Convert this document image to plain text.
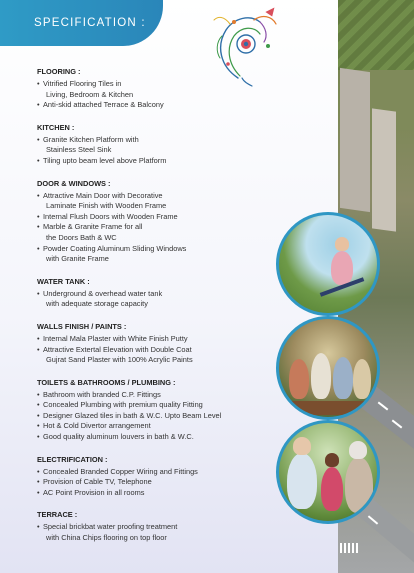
SPECIFICATION :
FLOORING :
• Vitrified Flooring Tiles in
Living, Bedroom & Kitchen
• Anti-skid attached Terrace & Balcony
KITCHEN :
• Granite Kitchen Platform with
Stainless Steel Sink
• Tiling upto beam level above Platform
DOOR & WINDOWS :
• Attractive Main Door with Decorative
Laminate Finish with Wooden Frame
• Internal Flush Doors with Wooden Frame
• Marble & Granite Frame for all
the Doors Bath & WC
• Powder Coating Aluminum Sliding Windows
with Granite Frame
WATER TANK :
• Underground & overhead water tank
with adequate storage capacity
WALLS FINISH / PAINTS :
• Internal Mala Plaster with White Finish Putty
• Attractive Extertal Elevation with Double Coat
Gujrat Sand Plaster with 100% Acrylic Paints
TOILETS & BATHROOMS / PLUMBING :
• Bathroom with branded C.P. Fittings
• Concealed Plumbing with premium quality Fitting
• Designer Glazed tiles in bath & W.C. Upto Beam Level
• Hot & Cold Divertor arrangement
• Good quality aluminum louvers in bath & W.C.
ELECTRIFICATION :
• Concealed Branded Copper Wiring and Fittings
• Provision of Cable TV, Telephone
• AC Point Provision in all rooms
TERRACE :
• Special brickbat water proofing treatment
with China Chips flooring on top floor
